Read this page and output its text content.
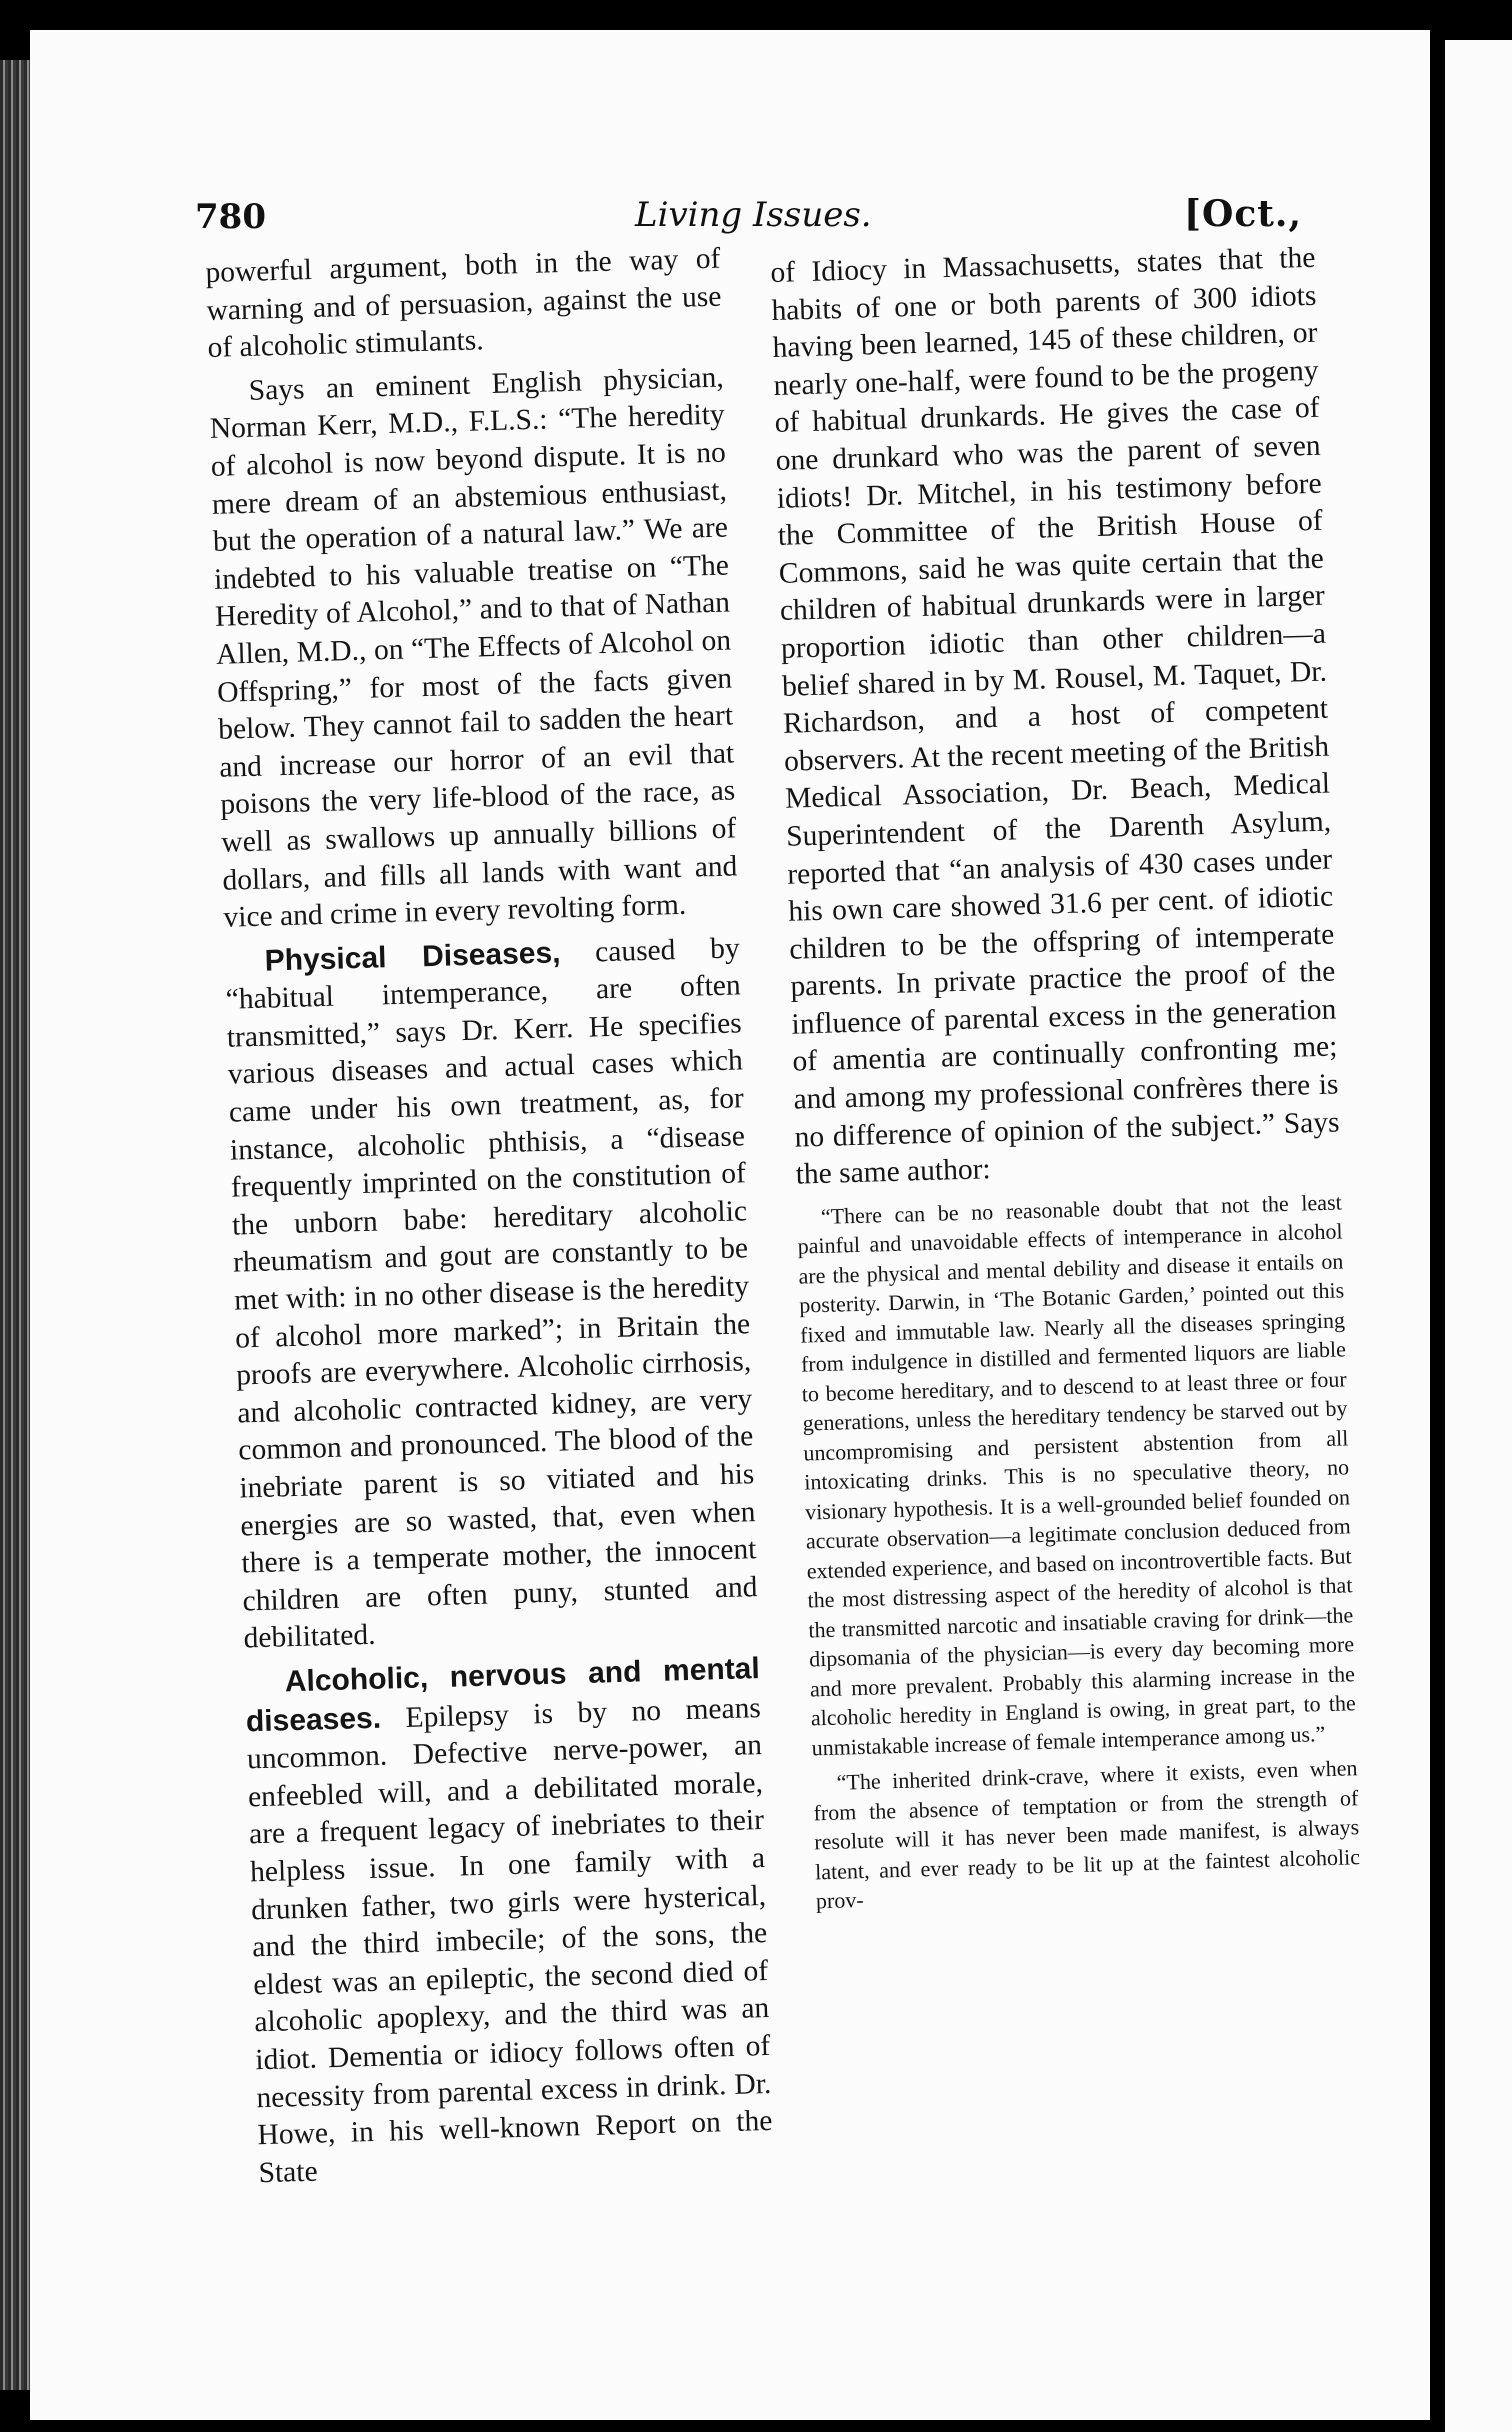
780	Living Issues.	[Oct.,

powerful argument, both in the way of warning and of persuasion, against the use of alcoholic stimulants.

Says an eminent English physician, Norman Kerr, M.D., F.L.S.: “The heredity of alcohol is now beyond dispute. It is no mere dream of an abstemious enthusiast, but the operation of a natural law.” We are indebted to his valuable treatise on “The Heredity of Alcohol,” and to that of Nathan Allen, M.D., on “The Effects of Alcohol on Offspring,” for most of the facts given below. They cannot fail to sadden the heart and increase our horror of an evil that poisons the very life-blood of the race, as well as swallows up annually billions of dollars, and fills all lands with want and vice and crime in every revolting form.

Physical Diseases, caused by “habitual intemperance, are often transmitted,” says Dr. Kerr. He specifies various diseases and actual cases which came under his own treatment, as, for instance, alcoholic phthisis, a “disease frequently imprinted on the constitution of the unborn babe: hereditary alcoholic rheumatism and gout are constantly to be met with: in no other disease is the heredity of alcohol more marked”; in Britain the proofs are everywhere. Alcoholic cirrhosis, and alcoholic contracted kidney, are very common and pronounced. The blood of the inebriate parent is so vitiated and his energies are so wasted, that, even when there is a temperate mother, the innocent children are often puny, stunted and debilitated.

Alcoholic, nervous and mental diseases. Epilepsy is by no means uncommon. Defective nerve-power, an enfeebled will, and a debilitated morale, are a frequent legacy of inebriates to their helpless issue. In one family with a drunken father, two girls were hysterical, and the third imbecile; of the sons, the eldest was an epileptic, the second died of alcoholic apoplexy, and the third was an idiot. Dementia or idiocy follows often of necessity from parental excess in drink. Dr. Howe, in his well-known Report on the State

of Idiocy in Massachusetts, states that the habits of one or both parents of 300 idiots having been learned, 145 of these children, or nearly one-half, were found to be the progeny of habitual drunkards. He gives the case of one drunkard who was the parent of seven idiots! Dr. Mitchel, in his testimony before the Committee of the British House of Commons, said he was quite certain that the children of habitual drunkards were in larger proportion idiotic than other children—a belief shared in by M. Rousel, M. Taquet, Dr. Richardson, and a host of competent observers. At the recent meeting of the British Medical Association, Dr. Beach, Medical Superintendent of the Darenth Asylum, reported that “an analysis of 430 cases under his own care showed 31.6 per cent. of idiotic children to be the offspring of intemperate parents. In private practice the proof of the influence of parental excess in the generation of amentia are continually confronting me; and among my professional confrères there is no difference of opinion of the subject.” Says the same author:

“There can be no reasonable doubt that not the least painful and unavoidable effects of intemperance in alcohol are the physical and mental debility and disease it entails on posterity. Darwin, in ‘The Botanic Garden,’ pointed out this fixed and immutable law. Nearly all the diseases springing from indulgence in distilled and fermented liquors are liable to become hereditary, and to descend to at least three or four generations, unless the hereditary tendency be starved out by uncompromising and persistent abstention from all intoxicating drinks. This is no speculative theory, no visionary hypothesis. It is a well-grounded belief founded on accurate observation—a legitimate conclusion deduced from extended experience, and based on incontrovertible facts. But the most distressing aspect of the heredity of alcohol is that the transmitted narcotic and insatiable craving for drink—the dipsomania of the physician—is every day becoming more and more prevalent. Probably this alarming increase in the alcoholic heredity in England is owing, in great part, to the unmistakable increase of female intemperance among us.”

“The inherited drink-crave, where it exists, even when from the absence of temptation or from the strength of resolute will it has never been made manifest, is always latent, and ever ready to be lit up at the faintest alcoholic prov-
